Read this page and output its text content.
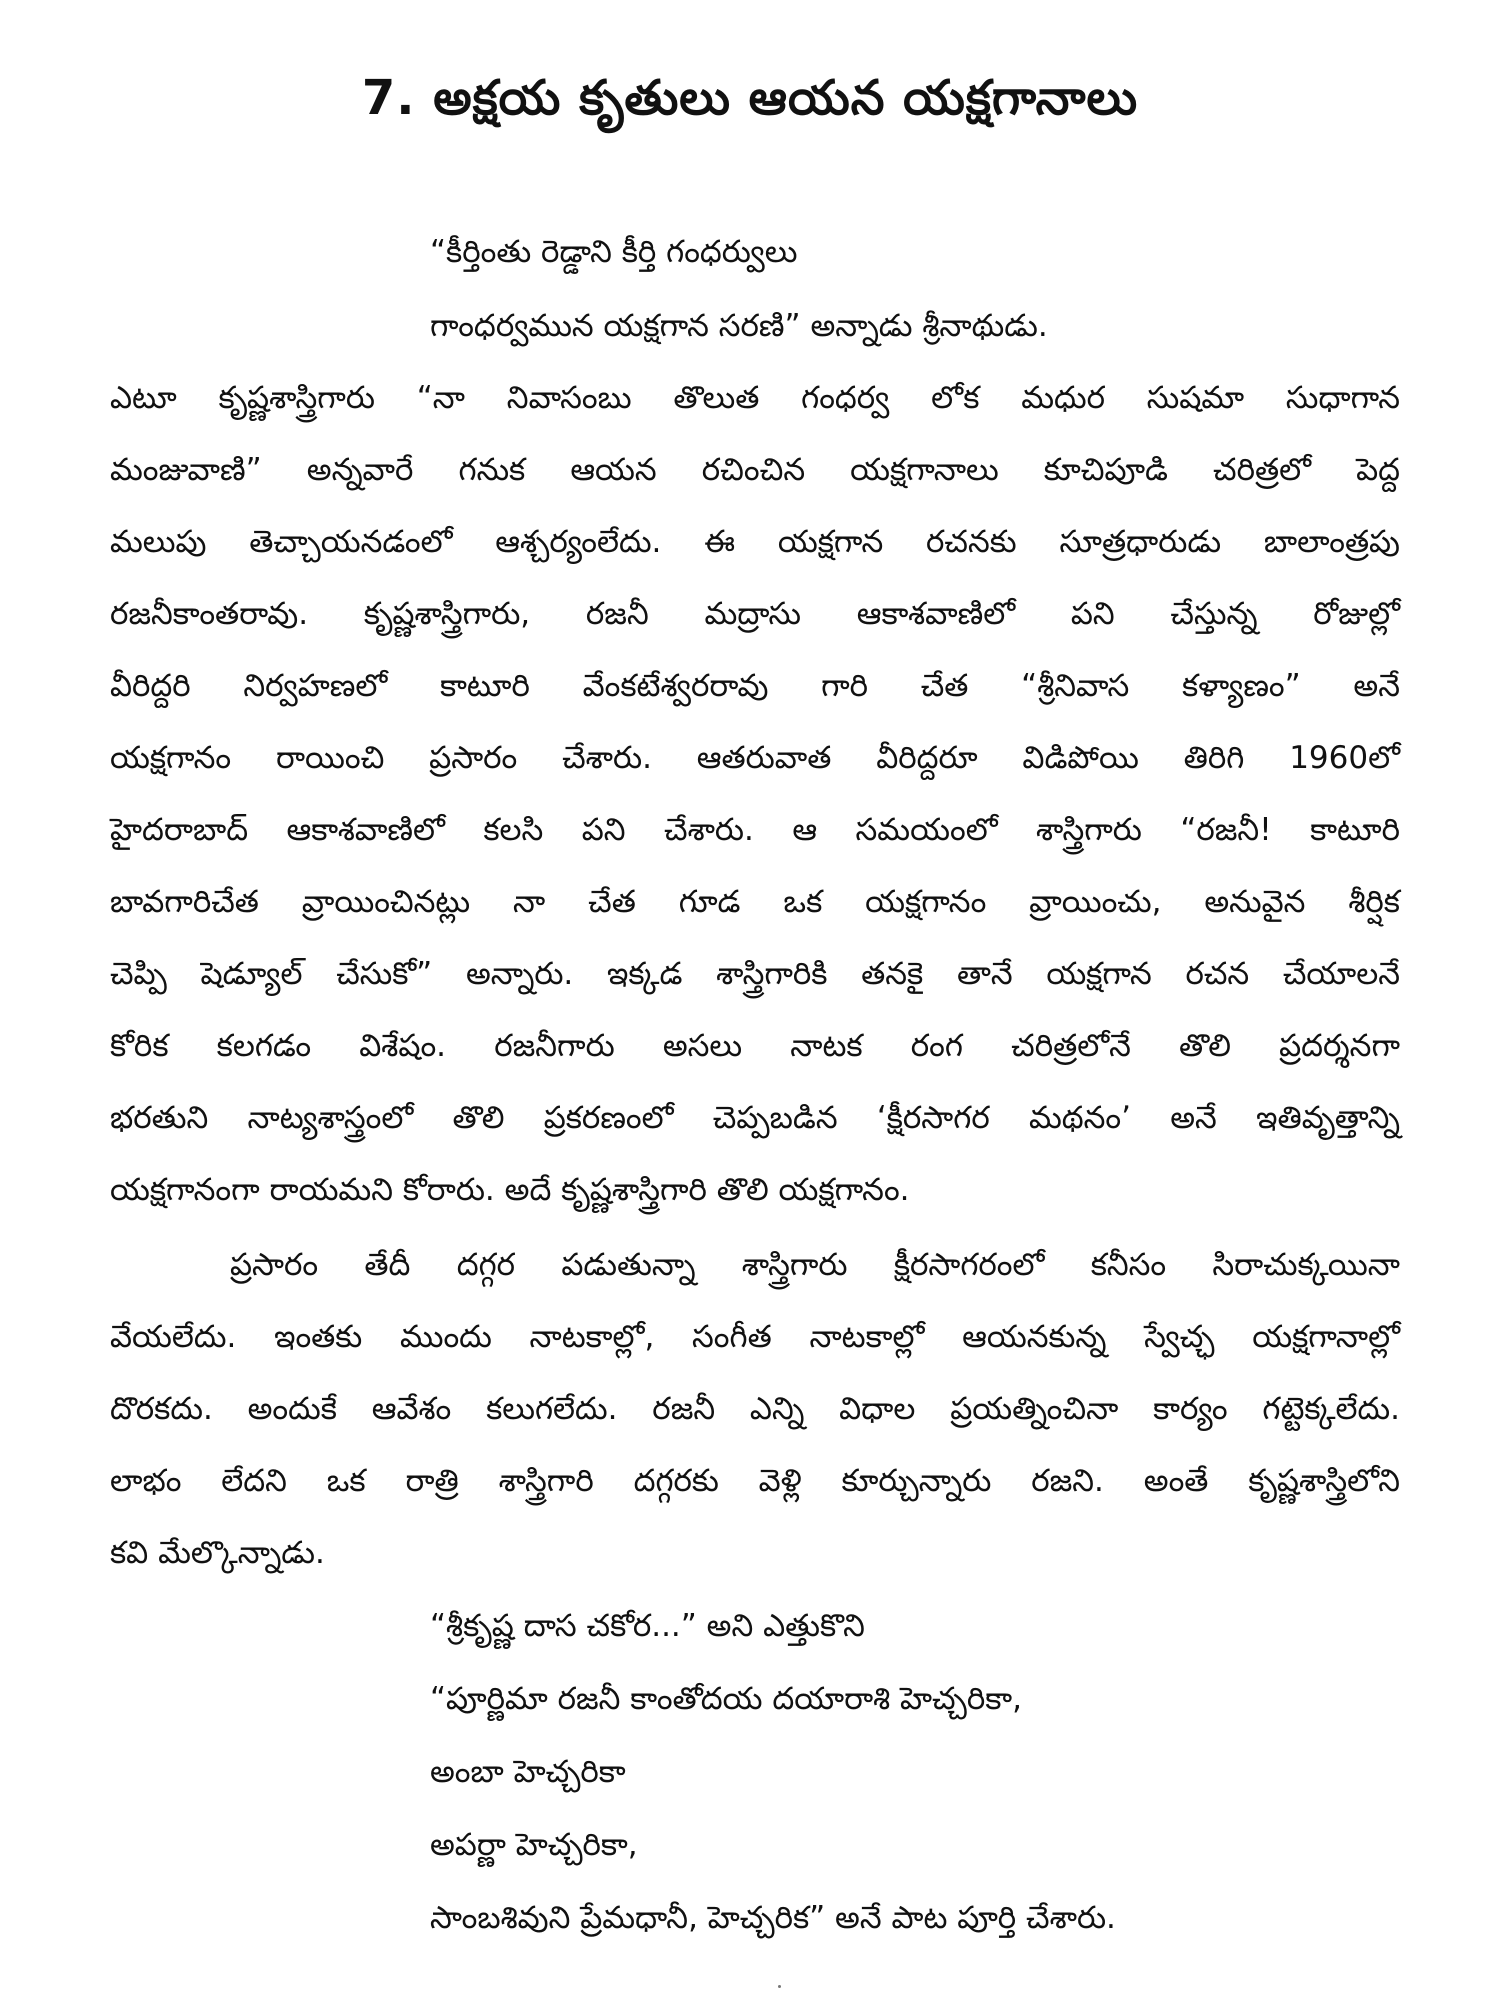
7. అక్షయ కృతులు ఆయన యక్షగానాలు
“కీర్తింతు రెడ్డాని కీర్తి గంధర్వులు
గాంధర్వమున యక్షగాన సరణి” అన్నాడు శ్రీనాథుడు.
ఎటూ కృష్ణశాస్త్రిగారు “నా నివాసంబు తొలుత గంధర్వ లోక మధుర సుషమా సుధాగాన
మంజువాణి” అన్నవారే గనుక ఆయన రచించిన యక్షగానాలు కూచిపూడి చరిత్రలో పెద్ద
మలుపు తెచ్చాయనడంలో ఆశ్చర్యంలేదు. ఈ యక్షగాన రచనకు సూత్రధారుడు బాలాంత్రపు
రజనీకాంతరావు. కృష్ణశాస్త్రిగారు, రజనీ మద్రాసు ఆకాశవాణిలో పని చేస్తున్న రోజుల్లో
వీరిద్దరి నిర్వహణలో కాటూరి వేంకటేశ్వరరావు గారి చేత “శ్రీనివాస కళ్యాణం” అనే
యక్షగానం రాయించి ప్రసారం చేశారు. ఆతరువాత వీరిద్దరూ విడిపోయి తిరిగి 1960లో
హైదరాబాద్ ఆకాశవాణిలో కలసి పని చేశారు. ఆ సమయంలో శాస్త్రిగారు “రజనీ! కాటూరి
బావగారిచేత వ్రాయించినట్లు నా చేత గూడ ఒక యక్షగానం వ్రాయించు, అనువైన శీర్షిక
చెప్పి షెడ్యూల్ చేసుకో” అన్నారు. ఇక్కడ శాస్త్రిగారికి తనకై తానే యక్షగాన రచన చేయాలనే
కోరిక కలగడం విశేషం. రజనీగారు అసలు నాటక రంగ చరిత్రలోనే తొలి ప్రదర్శనగా
భరతుని నాట్యశాస్త్రంలో తొలి ప్రకరణంలో చెప్పబడిన ‘క్షీరసాగర మథనం’ అనే ఇతివృత్తాన్ని
యక్షగానంగా రాయమని కోరారు. అదే కృష్ణశాస్త్రిగారి తొలి యక్షగానం.
ప్రసారం తేదీ దగ్గర పడుతున్నా శాస్త్రిగారు క్షీరసాగరంలో కనీసం సిరాచుక్కయినా
వేయలేదు. ఇంతకు ముందు నాటకాల్లో, సంగీత నాటకాల్లో ఆయనకున్న స్వేచ్ఛ యక్షగానాల్లో
దొరకదు. అందుకే ఆవేశం కలుగలేదు. రజనీ ఎన్ని విధాల ప్రయత్నించినా కార్యం గట్టెక్కలేదు.
లాభం లేదని ఒక రాత్రి శాస్త్రిగారి దగ్గరకు వెళ్లి కూర్చున్నారు రజని. అంతే కృష్ణశాస్త్రిలోని
కవి మేల్కొన్నాడు.
“శ్రీకృష్ణ దాస చకోర...” అని ఎత్తుకొని
“పూర్ణిమా రజనీ కాంతోదయ దయారాశి హెచ్చరికా,
అంబా హెచ్చరికా
అపర్ణా హెచ్చరికా,
సాంబశివుని ప్రేమధానీ, హెచ్చరిక” అనే పాట పూర్తి చేశారు.
